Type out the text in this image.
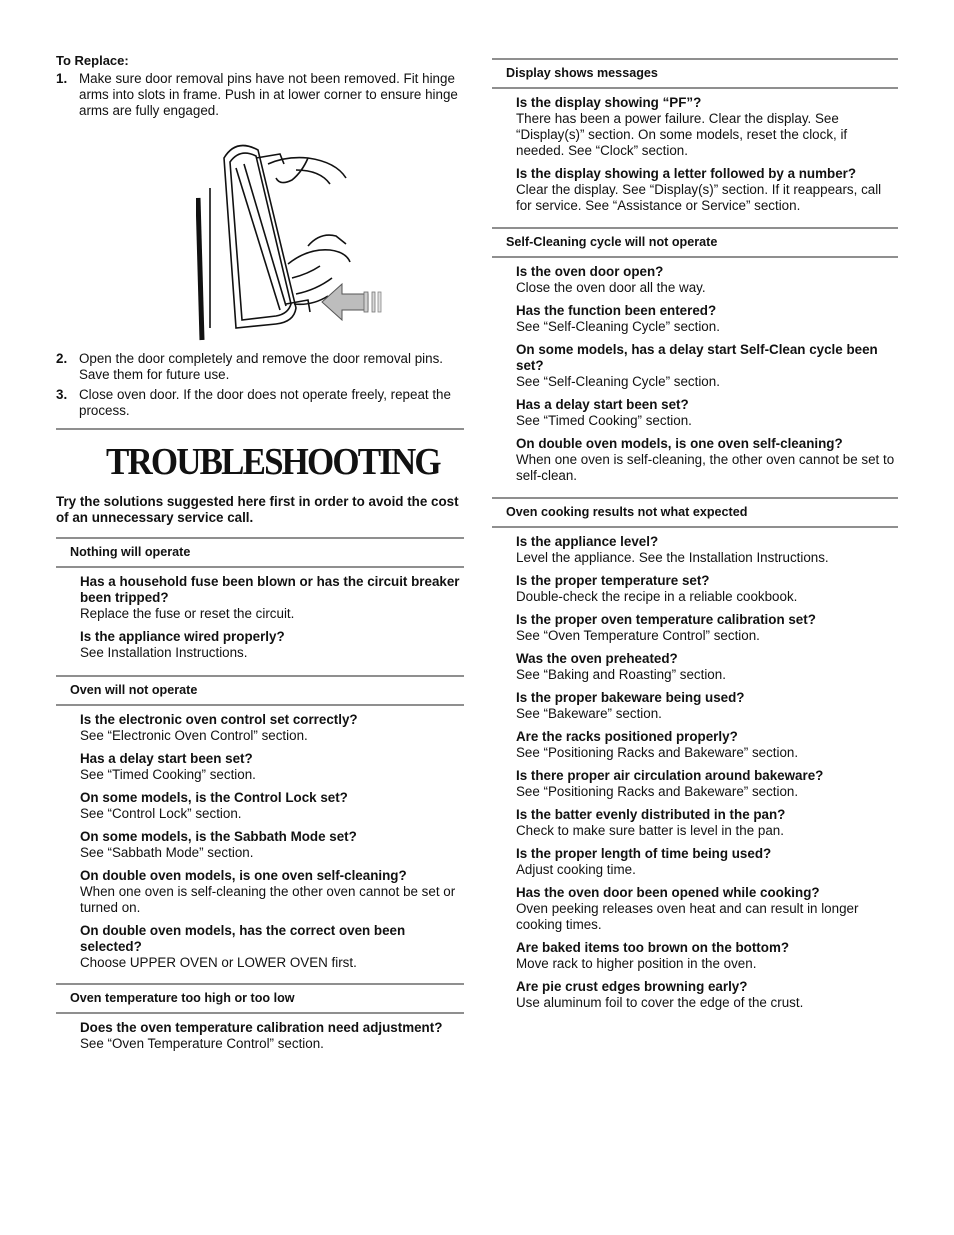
To Replace:
1. Make sure door removal pins have not been removed. Fit hinge arms into slots in frame. Push in at lower corner to ensure hinge arms are fully engaged.
2. Open the door completely and remove the door removal pins. Save them for future use.
3. Close oven door. If the door does not operate freely, repeat the process.
TROUBLESHOOTING
Try the solutions suggested here first in order to avoid the cost of an unnecessary service call.
Nothing will operate
Has a household fuse been blown or has the circuit breaker been tripped?
Replace the fuse or reset the circuit.
Is the appliance wired properly?
See Installation Instructions.
Oven will not operate
Is the electronic oven control set correctly?
See “Electronic Oven Control” section.
Has a delay start been set?
See “Timed Cooking” section.
On some models, is the Control Lock set?
See “Control Lock” section.
On some models, is the Sabbath Mode set?
See “Sabbath Mode” section.
On double oven models, is one oven self-cleaning?
When one oven is self-cleaning the other oven cannot be set or turned on.
On double oven models, has the correct oven been selected?
Choose UPPER OVEN or LOWER OVEN first.
Oven temperature too high or too low
Does the oven temperature calibration need adjustment?
See “Oven Temperature Control” section.
Display shows messages
Is the display showing “PF”?
There has been a power failure. Clear the display. See “Display(s)” section. On some models, reset the clock, if needed. See “Clock” section.
Is the display showing a letter followed by a number?
Clear the display. See “Display(s)” section. If it reappears, call for service. See “Assistance or Service” section.
Self-Cleaning cycle will not operate
Is the oven door open?
Close the oven door all the way.
Has the function been entered?
See “Self-Cleaning Cycle” section.
On some models, has a delay start Self-Clean cycle been set?
See “Self-Cleaning Cycle” section.
Has a delay start been set?
See “Timed Cooking” section.
On double oven models, is one oven self-cleaning?
When one oven is self-cleaning, the other oven cannot be set to self-clean.
Oven cooking results not what expected
Is the appliance level?
Level the appliance. See the Installation Instructions.
Is the proper temperature set?
Double-check the recipe in a reliable cookbook.
Is the proper oven temperature calibration set?
See “Oven Temperature Control” section.
Was the oven preheated?
See “Baking and Roasting” section.
Is the proper bakeware being used?
See “Bakeware” section.
Are the racks positioned properly?
See “Positioning Racks and Bakeware” section.
Is there proper air circulation around bakeware?
See “Positioning Racks and Bakeware” section.
Is the batter evenly distributed in the pan?
Check to make sure batter is level in the pan.
Is the proper length of time being used?
Adjust cooking time.
Has the oven door been opened while cooking?
Oven peeking releases oven heat and can result in longer cooking times.
Are baked items too brown on the bottom?
Move rack to higher position in the oven.
Are pie crust edges browning early?
Use aluminum foil to cover the edge of the crust.
